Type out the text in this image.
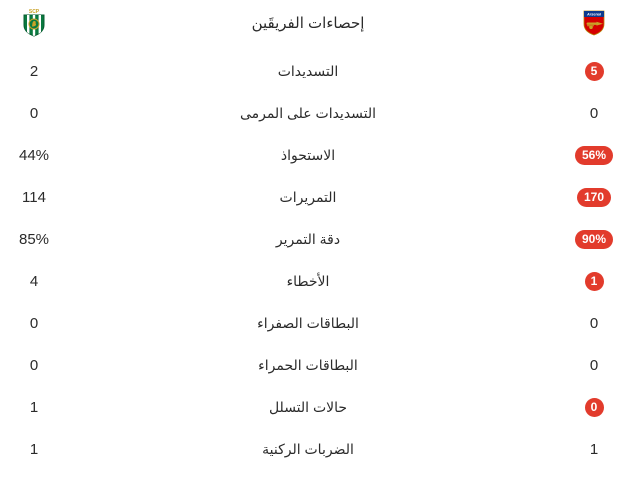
SCP
إحصاءات الفريقَين
Arsenal
2	التسديدات	5
0	التسديدات على المرمى	0
44%	الاستحواذ	56%
114	التمريرات	170
85%	دقة التمرير	90%
4	الأخطاء	1
0	البطاقات الصفراء	0
0	البطاقات الحمراء	0
1	حالات التسلل	0
1	الضربات الركنية	1
